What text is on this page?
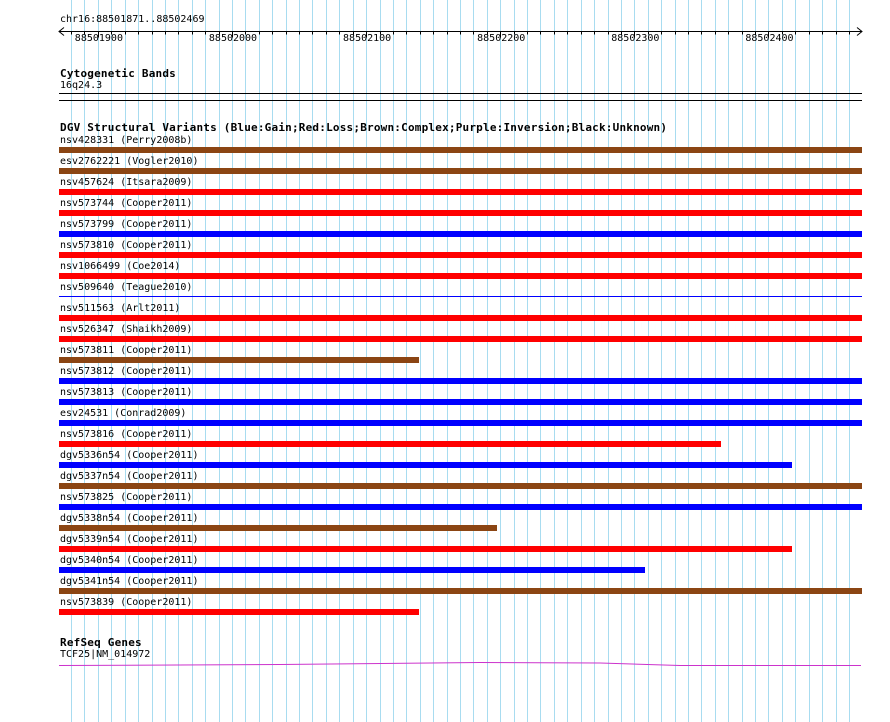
chr16:88501871..88502469
88501900	88502000	88502100	88502200	88502300	88502400
Cytogenetic Bands
16q24.3
DGV Structural Variants (Blue:Gain;Red:Loss;Brown:Complex;Purple:Inversion;Black:Unknown)
nsv428331 (Perry2008b)
esv2762221 (Vogler2010)
nsv457624 (Itsara2009)
nsv573744 (Cooper2011)
nsv573799 (Cooper2011)
nsv573810 (Cooper2011)
nsv1066499 (Coe2014)
nsv509640 (Teague2010)
nsv511563 (Arlt2011)
nsv526347 (Shaikh2009)
nsv573811 (Cooper2011)
nsv573812 (Cooper2011)
nsv573813 (Cooper2011)
esv24531 (Conrad2009)
nsv573816 (Cooper2011)
dgv5336n54 (Cooper2011)
dgv5337n54 (Cooper2011)
nsv573825 (Cooper2011)
dgv5338n54 (Cooper2011)
dgv5339n54 (Cooper2011)
dgv5340n54 (Cooper2011)
dgv5341n54 (Cooper2011)
nsv573839 (Cooper2011)
RefSeq Genes
TCF25|NM_014972
